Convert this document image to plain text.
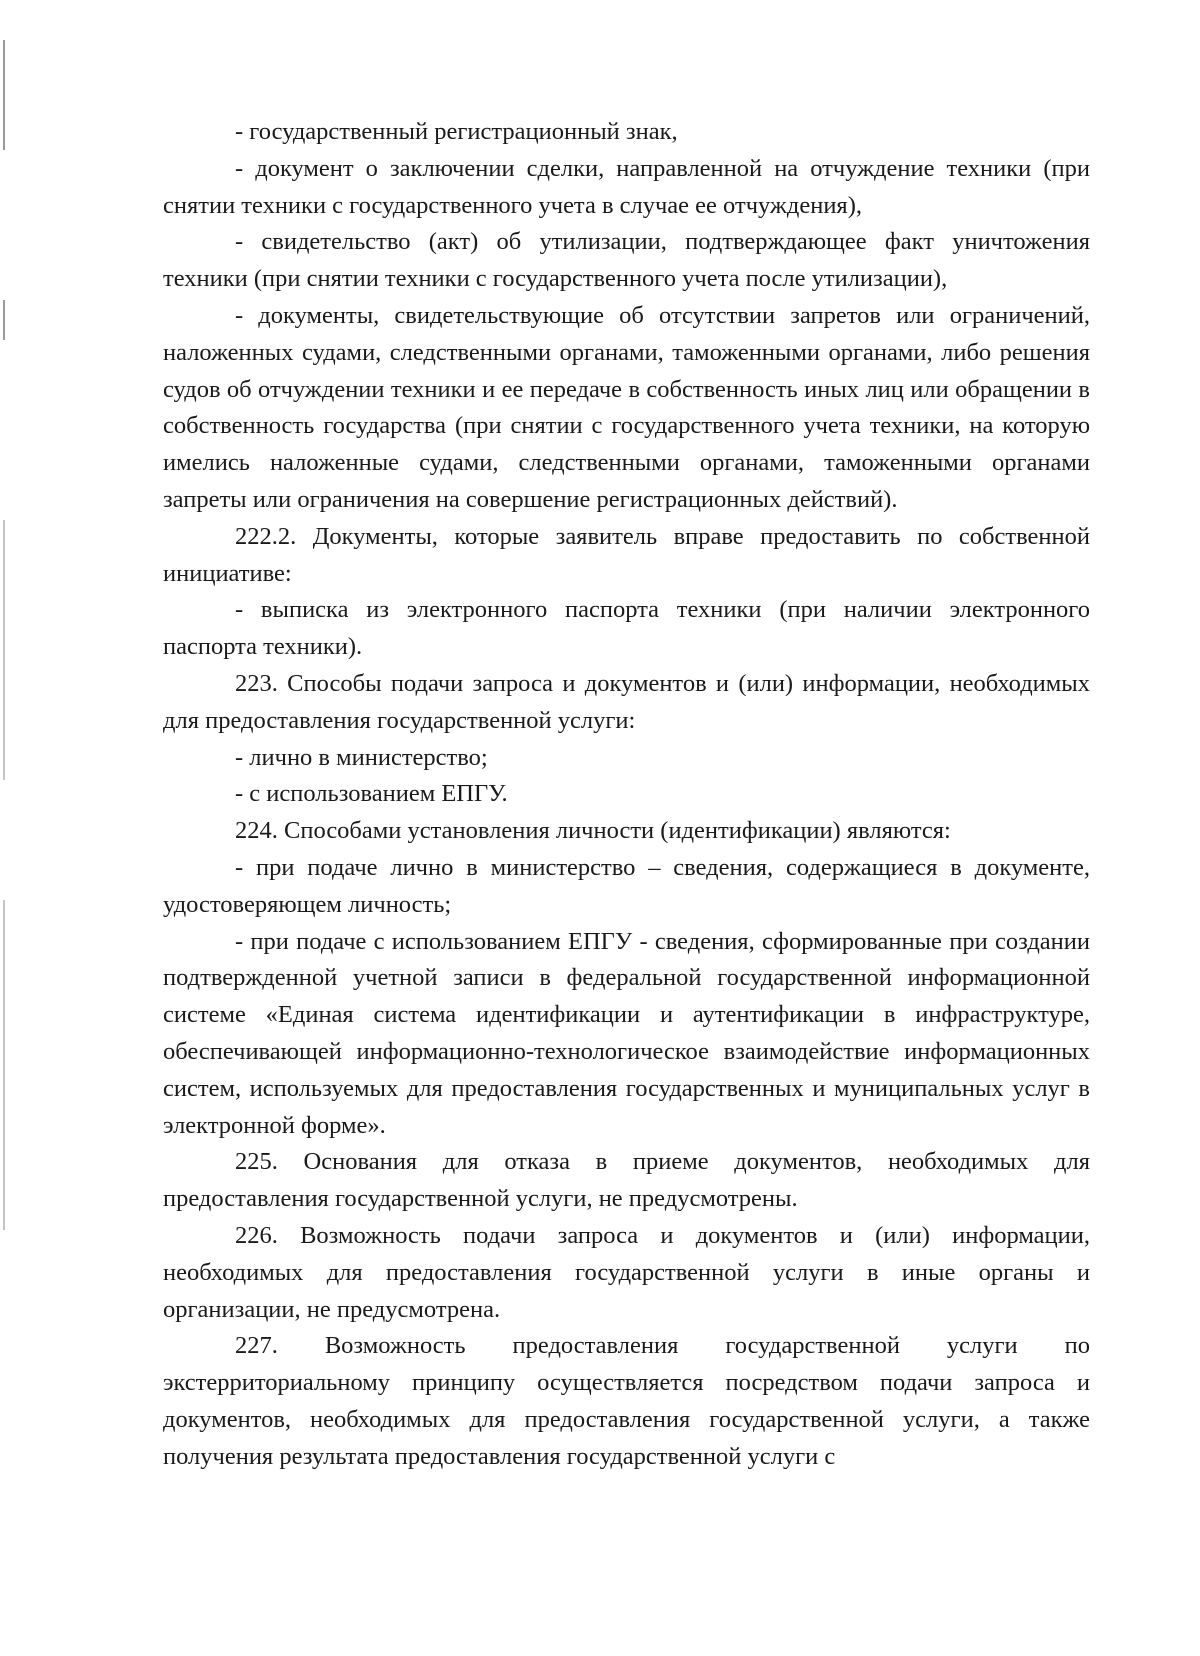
- государственный регистрационный знак,

- документ о заключении сделки, направленной на отчуждение техники (при снятии техники с государственного учета в случае ее отчуждения),

- свидетельство (акт) об утилизации, подтверждающее факт уничтожения техники (при снятии техники с государственного учета после утилизации),

- документы, свидетельствующие об отсутствии запретов или ограничений, наложенных судами, следственными органами, таможенными органами, либо решения судов об отчуждении техники и ее передаче в собственность иных лиц или обращении в собственность государства (при снятии с государственного учета техники, на которую имелись наложенные судами, следственными органами, таможенными органами запреты или ограничения на совершение регистрационных действий).

222.2. Документы, которые заявитель вправе предоставить по собственной инициативе:

- выписка из электронного паспорта техники (при наличии электронного паспорта техники).

223. Способы подачи запроса и документов и (или) информации, необходимых для предоставления государственной услуги:

- лично в министерство;

- с использованием ЕПГУ.

224. Способами установления личности (идентификации) являются:

- при подаче лично в министерство – сведения, содержащиеся в документе, удостоверяющем личность;

- при подаче с использованием ЕПГУ - сведения, сформированные при создании подтвержденной учетной записи в федеральной государственной информационной системе «Единая система идентификации и аутентификации в инфраструктуре, обеспечивающей информационно-технологическое взаимодействие информационных систем, используемых для предоставления государственных и муниципальных услуг в электронной форме».

225. Основания для отказа в приеме документов, необходимых для предоставления государственной услуги, не предусмотрены.

226. Возможность подачи запроса и документов и (или) информации, необходимых для предоставления государственной услуги в иные органы и организации, не предусмотрена.

227. Возможность предоставления государственной услуги по экстерриториальному принципу осуществляется посредством подачи запроса и документов, необходимых для предоставления государственной услуги, а также получения результата предоставления государственной услуги с
